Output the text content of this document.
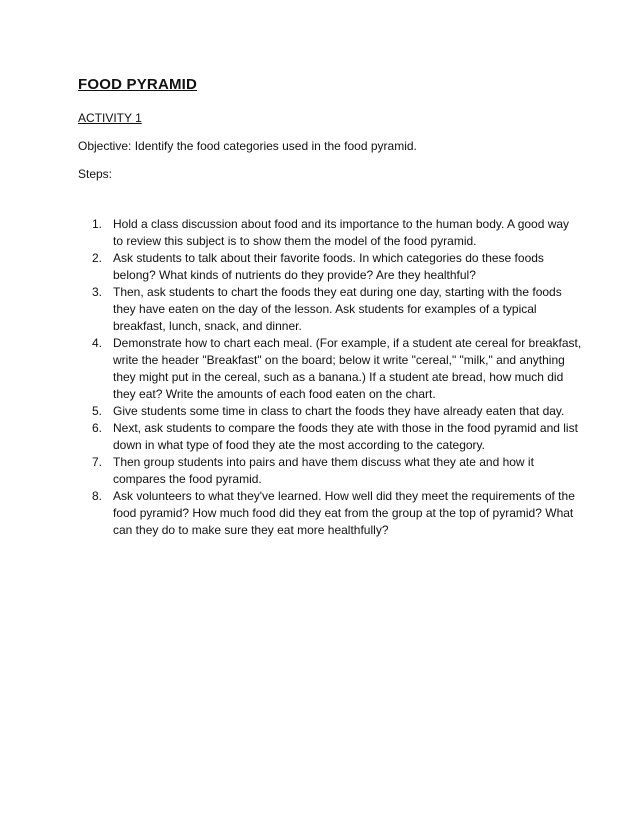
FOOD PYRAMID
ACTIVITY 1
Objective: Identify the food categories used in the food pyramid.
Steps:
1. Hold a class discussion about food and its importance to the human body. A good way to review this subject is to show them the model of the food pyramid.
2. Ask students to talk about their favorite foods. In which categories do these foods belong? What kinds of nutrients do they provide? Are they healthful?
3. Then, ask students to chart the foods they eat during one day, starting with the foods they have eaten on the day of the lesson. Ask students for examples of a typical breakfast, lunch, snack, and dinner.
4. Demonstrate how to chart each meal. (For example, if a student ate cereal for breakfast, write the header "Breakfast" on the board; below it write "cereal," "milk," and anything they might put in the cereal, such as a banana.) If a student ate bread, how much did they eat? Write the amounts of each food eaten on the chart.
5. Give students some time in class to chart the foods they have already eaten that day.
6. Next, ask students to compare the foods they ate with those in the food pyramid and list down in what type of food they ate the most according to the category.
7. Then group students into pairs and have them discuss what they ate and how it compares the food pyramid.
8. Ask volunteers to what they've learned. How well did they meet the requirements of the food pyramid? How much food did they eat from the group at the top of pyramid? What can they do to make sure they eat more healthfully?
